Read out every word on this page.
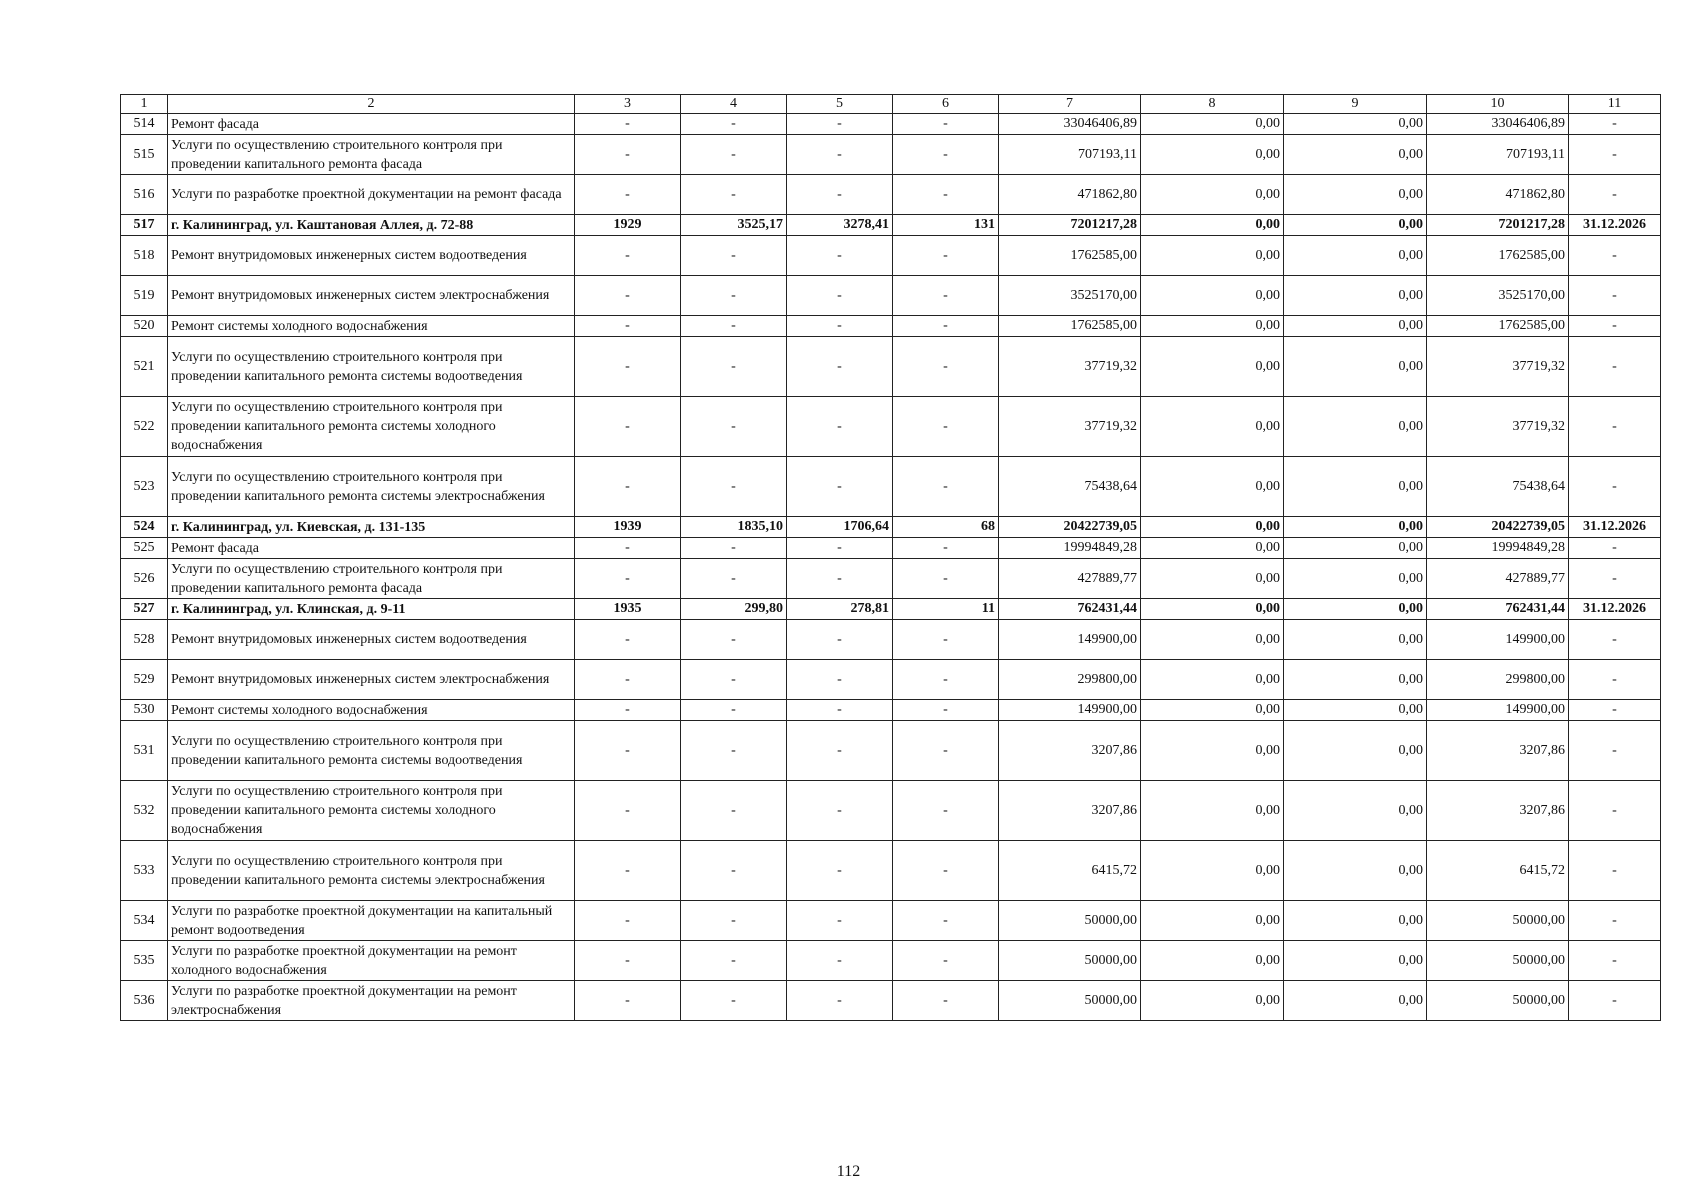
1	2	3	4	5	6	7	8	9	10	11
514	Ремонт фасада	-	-	-	-	33046406,89	0,00	0,00	33046406,89	-
515	Услуги по осуществлению строительного контроля при проведении капитального ремонта фасада	-	-	-	-	707193,11	0,00	0,00	707193,11	-
516	Услуги по разработке проектной документации на ремонт фасада	-	-	-	-	471862,80	0,00	0,00	471862,80	-
517	г. Калининград, ул. Каштановая Аллея, д. 72-88	1929	3525,17	3278,41	131	7201217,28	0,00	0,00	7201217,28	31.12.2026
518	Ремонт внутридомовых инженерных систем водоотведения	-	-	-	-	1762585,00	0,00	0,00	1762585,00	-
519	Ремонт внутридомовых инженерных систем электроснабжения	-	-	-	-	3525170,00	0,00	0,00	3525170,00	-
520	Ремонт системы холодного водоснабжения	-	-	-	-	1762585,00	0,00	0,00	1762585,00	-
521	Услуги по осуществлению строительного контроля при проведении капитального ремонта системы водоотведения	-	-	-	-	37719,32	0,00	0,00	37719,32	-
522	Услуги по осуществлению строительного контроля при проведении капитального ремонта системы холодного водоснабжения	-	-	-	-	37719,32	0,00	0,00	37719,32	-
523	Услуги по осуществлению строительного контроля при проведении капитального ремонта системы электроснабжения	-	-	-	-	75438,64	0,00	0,00	75438,64	-
524	г. Калининград, ул. Киевская, д. 131-135	1939	1835,10	1706,64	68	20422739,05	0,00	0,00	20422739,05	31.12.2026
525	Ремонт фасада	-	-	-	-	19994849,28	0,00	0,00	19994849,28	-
526	Услуги по осуществлению строительного контроля при проведении капитального ремонта фасада	-	-	-	-	427889,77	0,00	0,00	427889,77	-
527	г. Калининград, ул. Клинская, д. 9-11	1935	299,80	278,81	11	762431,44	0,00	0,00	762431,44	31.12.2026
528	Ремонт внутридомовых инженерных систем водоотведения	-	-	-	-	149900,00	0,00	0,00	149900,00	-
529	Ремонт внутридомовых инженерных систем электроснабжения	-	-	-	-	299800,00	0,00	0,00	299800,00	-
530	Ремонт системы холодного водоснабжения	-	-	-	-	149900,00	0,00	0,00	149900,00	-
531	Услуги по осуществлению строительного контроля при проведении капитального ремонта системы водоотведения	-	-	-	-	3207,86	0,00	0,00	3207,86	-
532	Услуги по осуществлению строительного контроля при проведении капитального ремонта системы холодного водоснабжения	-	-	-	-	3207,86	0,00	0,00	3207,86	-
533	Услуги по осуществлению строительного контроля при проведении капитального ремонта системы электроснабжения	-	-	-	-	6415,72	0,00	0,00	6415,72	-
534	Услуги по разработке проектной документации на капитальный ремонт водоотведения	-	-	-	-	50000,00	0,00	0,00	50000,00	-
535	Услуги по разработке проектной документации на ремонт холодного водоснабжения	-	-	-	-	50000,00	0,00	0,00	50000,00	-
536	Услуги по разработке проектной документации на ремонт электроснабжения	-	-	-	-	50000,00	0,00	0,00	50000,00	-
112
